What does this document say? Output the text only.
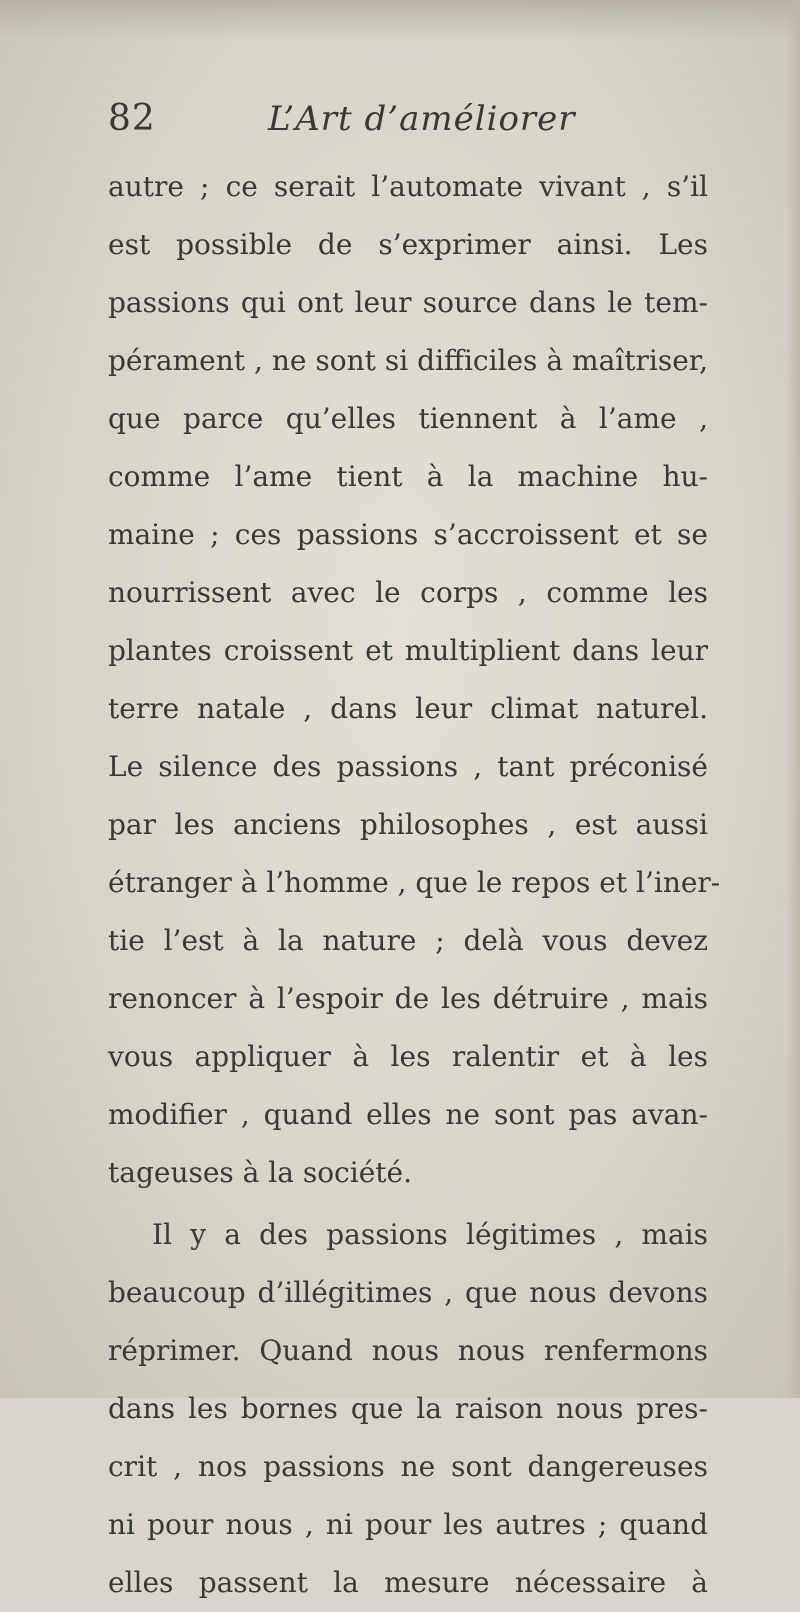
82	L’Art d’améliorer
autre ; ce serait l’automate vivant , s’il
est possible de s’exprimer ainsi. Les
passions qui ont leur source dans le tem-
pérament , ne sont si difficiles à maîtriser,
que parce qu’elles tiennent à l’ame ,
comme l’ame tient à la machine hu-
maine ; ces passions s’accroissent et se
nourrissent avec le corps , comme les
plantes croissent et multiplient dans leur
terre natale , dans leur climat naturel.
Le silence des passions , tant préconisé
par les anciens philosophes , est aussi
étranger à l’homme , que le repos et l’iner-
tie l’est à la nature ; delà vous devez
renoncer à l’espoir de les détruire , mais
vous appliquer à les ralentir et à les
modifier , quand elles ne sont pas avan-
tageuses à la société.
Il y a des passions légitimes , mais
beaucoup d’illégitimes , que nous devons
réprimer. Quand nous nous renfermons
dans les bornes que la raison nous pres-
crit , nos passions ne sont dangereuses
ni pour nous , ni pour les autres ; quand
elles passent la mesure nécessaire à
